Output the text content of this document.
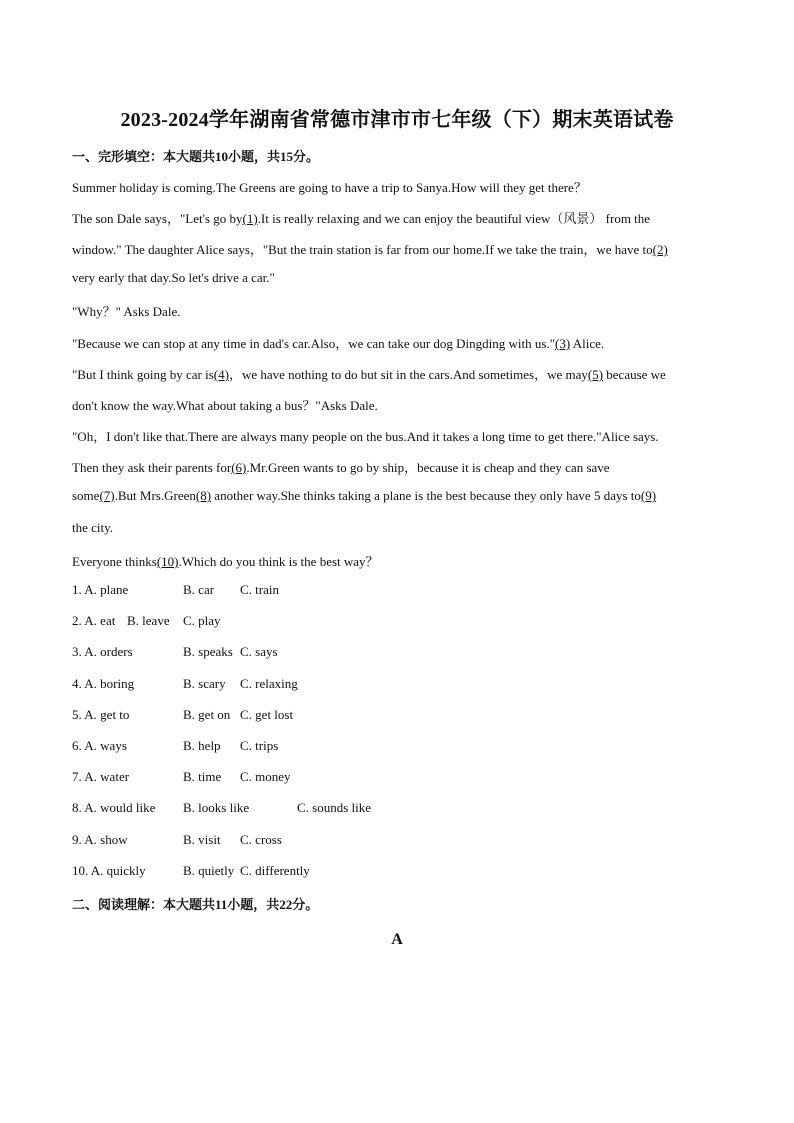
2023-2024学年湖南省常德市津市市七年级（下）期末英语试卷
一、完形填空：本大题共10小题，共15分。
Summer holiday is coming.The Greens are going to have a trip to Sanya.How will they get there？
The son Dale says，"Let's go by(1).It is really relaxing and we can enjoy the beautiful view（风景） from the
window." The daughter Alice says，"But the train station is far from our home.If we take the train，we have to(2)
very early that day.So let's drive a car."
"Why？" Asks Dale.
"Because we can stop at any time in dad's car.Also，we can take our dog Dingding with us."(3) Alice.
"But I think going by car is(4)，we have nothing to do but sit in the cars.And sometimes，we may(5) because we
don't know the way.What about taking a bus？"Asks Dale.
"Oh，I don't like that.There are always many people on the bus.And it takes a long time to get there."Alice says.
Then they ask their parents for(6).Mr.Green wants to go by ship，because it is cheap and they can save
some(7).But Mrs.Green(8) another way.She thinks taking a plane is the best because they only have 5 days to(9)
the city.
Everyone thinks(10).Which do you think is the best way？
1. A. plane	B. car C. train
2. A. eat B. leave C. play
3. A. orders	B. speaks C. says
4. A. boring	B. scary C. relaxing
5. A. get to	B. get on C. get lost
6. A. ways	B. help C. trips
7. A. water	B. time C. money
8. A. would like B. looks like	C. sounds like
9. A. show	B. visit C. cross
10. A. quickly	B. quietly C. differently
二、阅读理解：本大题共11小题，共22分。
A
